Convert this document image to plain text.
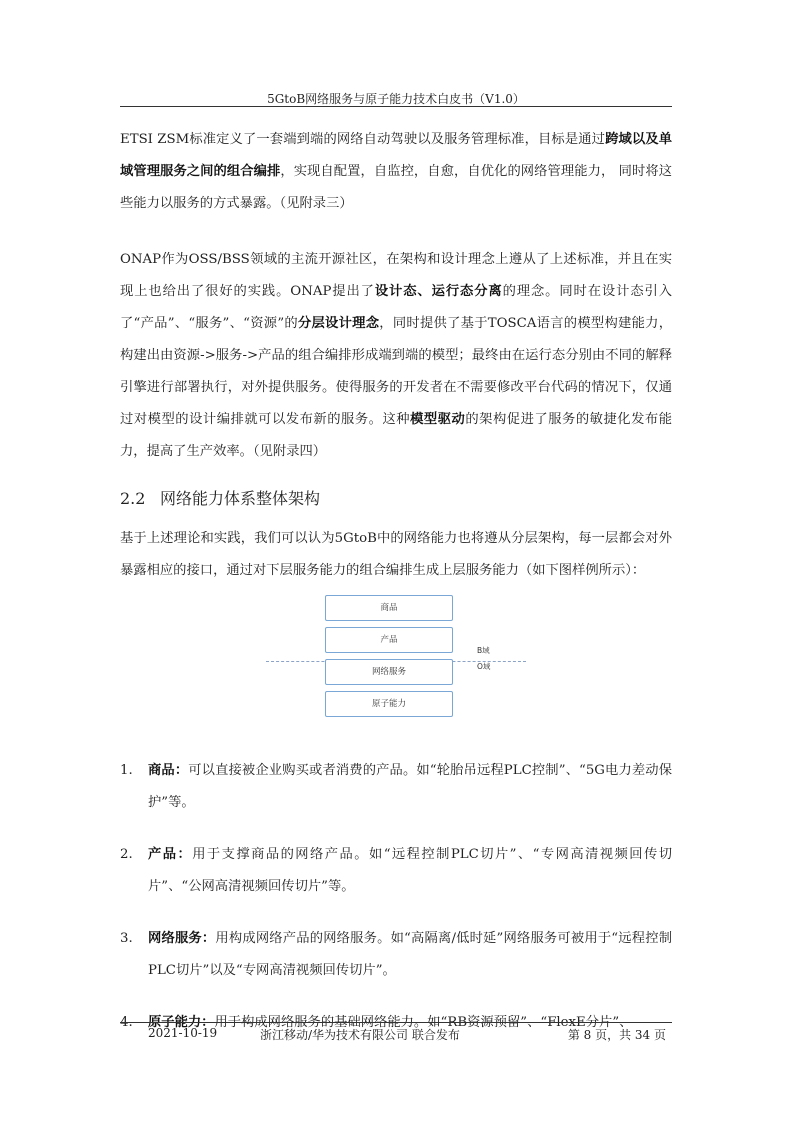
5GtoB网络服务与原子能力技术白皮书（V1.0）

ETSI ZSM标准定义了一套端到端的网络自动驾驶以及服务管理标准，目标是通过跨域以及单域管理服务之间的组合编排，实现自配置，自监控，自愈，自优化的网络管理能力， 同时将这些能力以服务的方式暴露。（见附录三）

ONAP作为OSS/BSS领域的主流开源社区，在架构和设计理念上遵从了上述标准，并且在实现上也给出了很好的实践。ONAP提出了设计态、运行态分离的理念。同时在设计态引入了“产品”、“服务”、“资源”的分层设计理念，同时提供了基于TOSCA语言的模型构建能力，构建出由资源->服务->产品的组合编排形成端到端的模型；最终由在运行态分别由不同的解释引擎进行部署执行，对外提供服务。使得服务的开发者在不需要修改平台代码的情况下，仅通过对模型的设计编排就可以发布新的服务。这种模型驱动的架构促进了服务的敏捷化发布能力，提高了生产效率。（见附录四）

2.2 网络能力体系整体架构

基于上述理论和实践，我们可以认为5GtoB中的网络能力也将遵从分层架构，每一层都会对外暴露相应的接口，通过对下层服务能力的组合编排生成上层服务能力（如下图样例所示）：

商品
产品
B域
O域
网络服务
原子能力
1. 商品：可以直接被企业购买或者消费的产品。如“轮胎吊远程PLC控制”、“5G电力差动保护”等。

2. 产品：用于支撑商品的网络产品。如“远程控制PLC切片”、“专网高清视频回传切片”、“公网高清视频回传切片”等。

3. 网络服务：用构成网络产品的网络服务。如“高隔离/低时延”网络服务可被用于“远程控制PLC切片”以及“专网高清视频回传切片”。

4. 原子能力：用于构成网络服务的基础网络能力。如“RB资源预留”、“FlexE分片”、

2021-10-19	浙江移动/华为技术有限公司 联合发布	第 8 页，共 34 页
